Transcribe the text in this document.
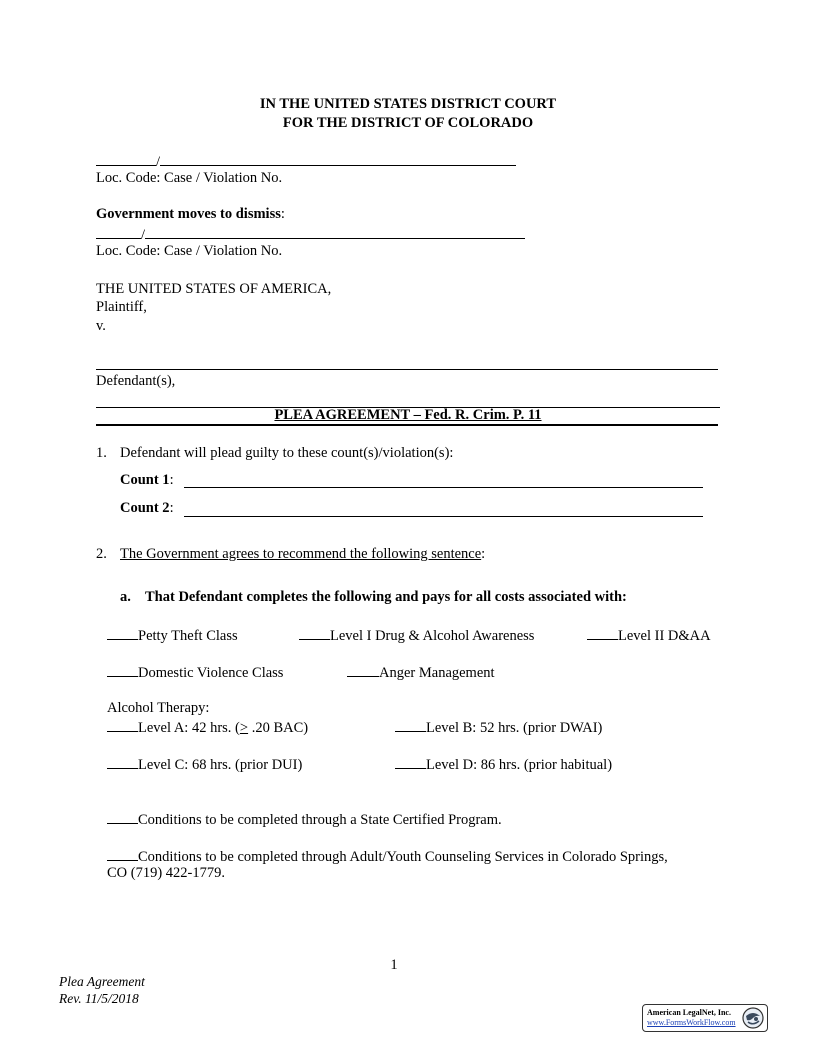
IN THE UNITED STATES DISTRICT COURT
FOR THE DISTRICT OF COLORADO
/
Loc. Code: Case / Violation No.
Government moves to dismiss:
/
Loc. Code: Case / Violation No.
THE UNITED STATES OF AMERICA,
Plaintiff,
v.
Defendant(s),
PLEA AGREEMENT – Fed. R. Crim. P. 11
1. Defendant will plead guilty to these count(s)/violation(s):
Count 1:
Count 2:
2. The Government agrees to recommend the following sentence:
a. That Defendant completes the following and pays for all costs associated with:
Petty Theft Class	Level I Drug & Alcohol Awareness	Level II D&AA
Domestic Violence Class	Anger Management
Alcohol Therapy:
Level A: 42 hrs. (≥ .20 BAC)	Level B: 52 hrs. (prior DWAI)
Level C: 68 hrs. (prior DUI)	Level D: 86 hrs. (prior habitual)
Conditions to be completed through a State Certified Program.
Conditions to be completed through Adult/Youth Counseling Services in Colorado Springs,
CO (719) 422-1779.
1
Plea Agreement
Rev. 11/5/2018
American LegalNet, Inc.
www.FormsWorkFlow.com
